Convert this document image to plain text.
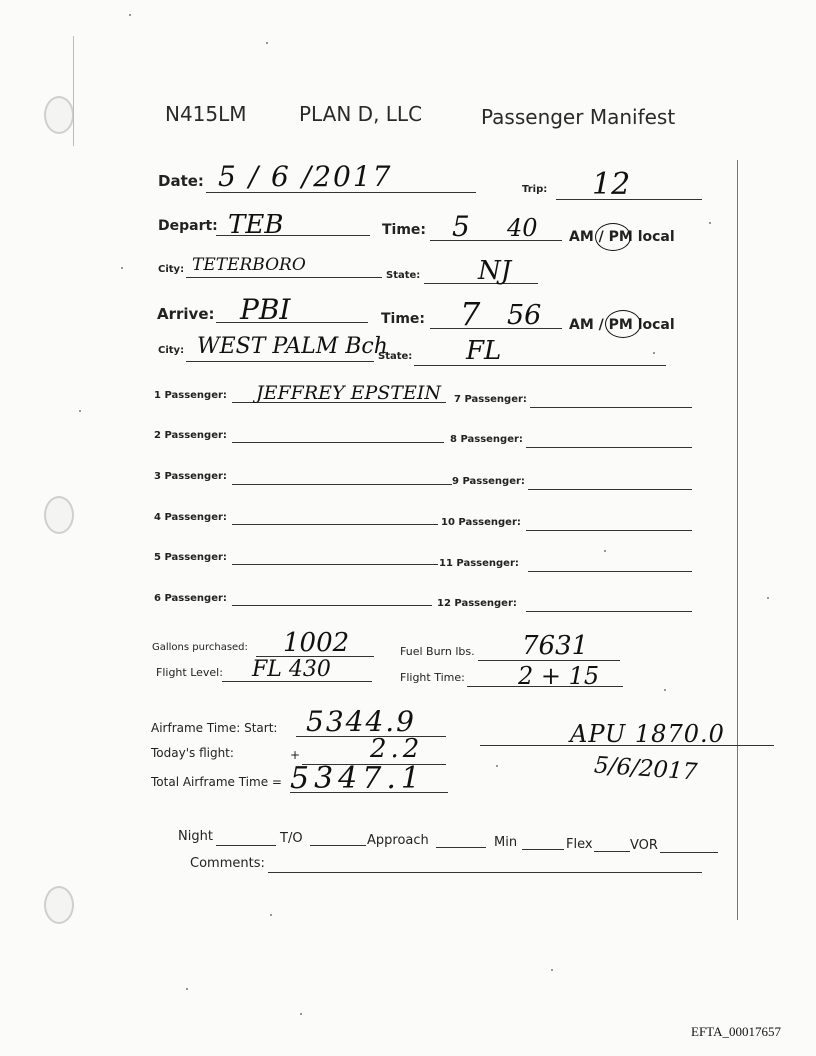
N415LM	PLAN D, LLC	Passenger Manifest
Date: 5 / 6 /2017	Trip: 12
Depart: TEB	Time: 5 40 AM / PM local
City: TETERBORO
State: NJ
Arrive: PBI	Time: 7 56 AM / PM local
City: WEST PALM Bch
State: FL
1 Passenger: JEFFREY EPSTEIN
2 Passenger:
3 Passenger:
4 Passenger:
5 Passenger:
6 Passenger:
7 Passenger:
8 Passenger:
9 Passenger:
10 Passenger:
11 Passenger:
12 Passenger:
Gallons purchased: 1002	Fuel Burn lbs. 7631
Flight Level: FL 430	Flight Time: 2 + 15
Airframe Time: Start: 5344.9
Today's flight:	+	2.2
Total Airframe Time = 5347.1
APU 1870.0
5/6/2017
Night	T/O	Approach	Min	Flex	VOR
Comments:
EFTA_00017657
